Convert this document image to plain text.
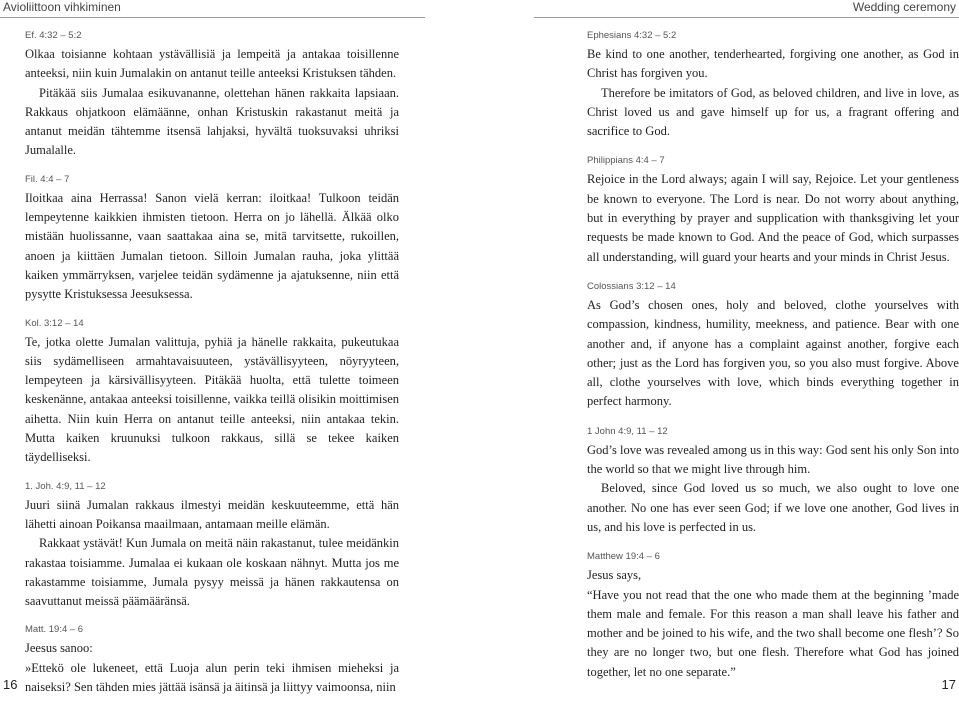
Avioliittoon vihkiminen
Ef. 4:32 – 5:2

Olkaa toisianne kohtaan ystävällisiä ja lempeitä ja antakaa toisillenne anteeksi, niin kuin Jumalakin on antanut teille anteeksi Kristuksen tähden.

Pitäkää siis Jumalaa esikuvananne, olettehan hänen rakkaita lapsiaan. Rakkaus ohjatkoon elämäänne, onhan Kristuskin rakastanut meitä ja antanut meidän tähtemme itsensä lahjaksi, hyvältä tuoksuvaksi uhriksi Jumalalle.

Fil. 4:4 – 7

Iloitkaa aina Herrassa! Sanon vielä kerran: iloitkaa! Tulkoon teidän lempeytenne kaikkien ihmisten tietoon. Herra on jo lähellä. Älkää olko mistään huolissanne, vaan saattakaa aina se, mitä tarvitsette, rukoillen, anoen ja kiittäen Jumalan tietoon. Silloin Jumalan rauha, joka ylittää kaiken ymmärryksen, varjelee teidän sydämenne ja ajatuksenne, niin että pysytte Kristuksessa Jeesuksessa.

Kol. 3:12 – 14

Te, jotka olette Jumalan valittuja, pyhiä ja hänelle rakkaita, pukeutukaa siis sydämelliseen armahtavaisuuteen, ystävällisyyteen, nöyryyteen, lempeyteen ja kärsivällisyyteen. Pitäkää huolta, että tulette toimeen keskenänne, antakaa anteeksi toisillenne, vaikka teillä olisikin moittimisen aihetta. Niin kuin Herra on antanut teille anteeksi, niin antakaa tekin. Mutta kaiken kruunuksi tulkoon rakkaus, sillä se tekee kaiken täydelliseksi.

1. Joh. 4:9, 11 – 12

Juuri siinä Jumalan rakkaus ilmestyi meidän keskuuteemme, että hän lähetti ainoan Poikansa maailmaan, antamaan meille elämän.

Rakkaat ystävät! Kun Jumala on meitä näin rakastanut, tulee meidänkin rakastaa toisiamme. Jumalaa ei kukaan ole koskaan nähnyt. Mutta jos me rakastamme toisiamme, Jumala pysyy meissä ja hänen rakkautensa on saavuttanut meissä päämääränsä.

Matt. 19:4 – 6

Jeesus sanoo:

»Ettekö ole lukeneet, että Luoja alun perin teki ihmisen mieheksi ja naiseksi? Sen tähden mies jättää isänsä ja äitinsä ja liittyy vaimoonsa, niin

16
Wedding ceremony
Ephesians 4:32 – 5:2

Be kind to one another, tenderhearted, forgiving one another, as God in Christ has forgiven you.

Therefore be imitators of God, as beloved children, and live in love, as Christ loved us and gave himself up for us, a fragrant offering and sacrifice to God.

Philippians 4:4 – 7

Rejoice in the Lord always; again I will say, Rejoice. Let your gentleness be known to everyone. The Lord is near. Do not worry about anything, but in everything by prayer and supplication with thanksgiving let your requests be made known to God. And the peace of God, which surpasses all understanding, will guard your hearts and your minds in Christ Jesus.

Colossians 3:12 – 14

As God’s chosen ones, holy and beloved, clothe yourselves with compassion, kindness, humility, meekness, and patience. Bear with one another and, if anyone has a complaint against another, forgive each other; just as the Lord has forgiven you, so you also must forgive. Above all, clothe yourselves with love, which binds everything together in perfect harmony.

1 John 4:9, 11 – 12

God’s love was revealed among us in this way: God sent his only Son into the world so that we might live through him.

Beloved, since God loved us so much, we also ought to love one another. No one has ever seen God; if we love one another, God lives in us, and his love is perfected in us.

Matthew 19:4 – 6

Jesus says,

“Have you not read that the one who made them at the beginning ’made them male and female. For this reason a man shall leave his father and mother and be joined to his wife, and the two shall become one flesh’? So they are no longer two, but one flesh. Therefore what God has joined together, let no one separate.”

17
